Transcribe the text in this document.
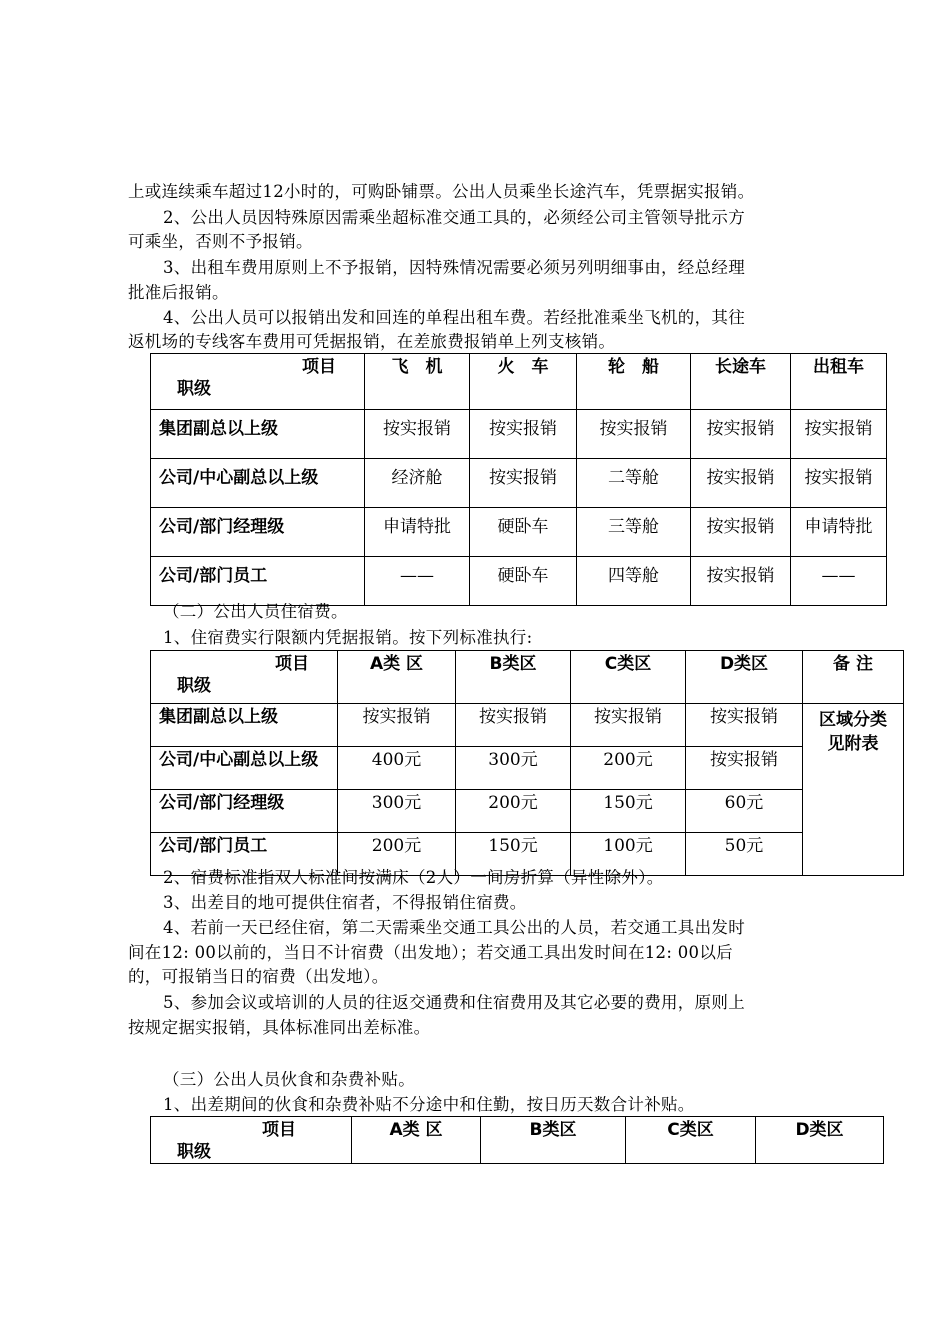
上或连续乘车超过12小时的，可购卧铺票。公出人员乘坐长途汽车，凭票据实报销。
2、公出人员因特殊原因需乘坐超标准交通工具的，必须经公司主管领导批示方
可乘坐，否则不予报销。
3、出租车费用原则上不予报销，因特殊情况需要必须另列明细事由，经总经理
批准后报销。
4、公出人员可以报销出发和回连的单程出租车费。若经批准乘坐飞机的，其往
返机场的专线客车费用可凭据报销，在差旅费报销单上列支核销。
项目
职级	飞　机	火　车	轮　船	长途车	出租车
集团副总以上级	按实报销	按实报销	按实报销	按实报销	按实报销
公司/中心副总以上级	经济舱	按实报销	二等舱	按实报销	按实报销
公司/部门经理级	申请特批	硬卧车	三等舱	按实报销	申请特批
公司/部门员工	——	硬卧车	四等舱	按实报销	——
（二）公出人员住宿费。
1、住宿费实行限额内凭据报销。按下列标准执行:
项目
职级	A类 区	B类区	C类区	D类区	备 注
集团副总以上级	按实报销	按实报销	按实报销	按实报销	区域分类
见附表

公司/中心副总以上级	400元	300元	200元	按实报销	
公司/部门经理级	300元	200元	150元	60元	
公司/部门员工	200元	150元	100元	50元	
2、宿费标准指双人标准间按满床（2人）一间房折算（异性除外）。
3、出差目的地可提供住宿者，不得报销住宿费。
4、若前一天已经住宿，第二天需乘坐交通工具公出的人员，若交通工具出发时
间在12: 00以前的，当日不计宿费（出发地）；若交通工具出发时间在12: 00以后
的，可报销当日的宿费（出发地）。
5、参加会议或培训的人员的往返交通费和住宿费用及其它必要的费用，原则上
按规定据实报销，具体标准同出差标准。
（三）公出人员伙食和杂费补贴。
1、出差期间的伙食和杂费补贴不分途中和住勤，按日历天数合计补贴。
项目
职级
	A类 区	B类区	C类区	D类区
